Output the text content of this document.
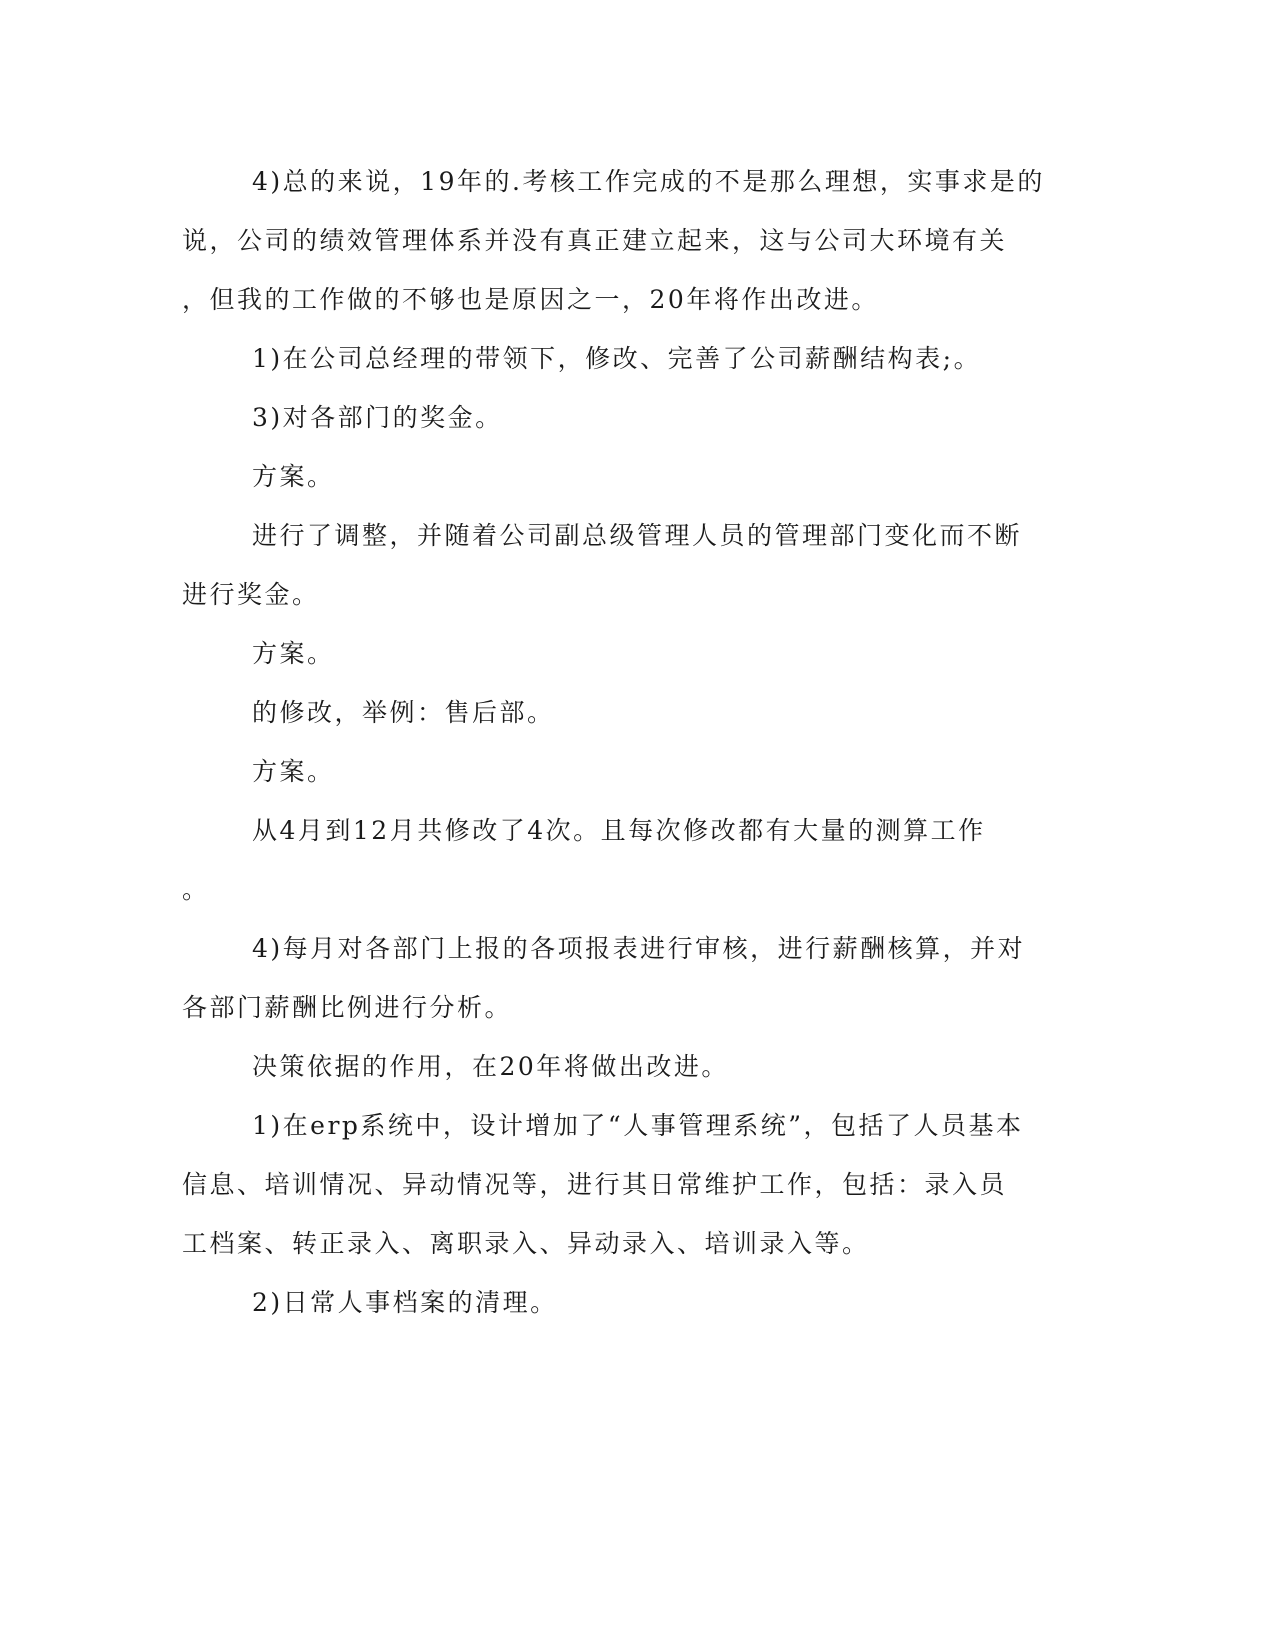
4)总的来说，19年的.考核工作完成的不是那么理想，实事求是的
说，公司的绩效管理体系并没有真正建立起来，这与公司大环境有关
，但我的工作做的不够也是原因之一，20年将作出改进。
1)在公司总经理的带领下，修改、完善了公司薪酬结构表;。
3)对各部门的奖金。
方案。
进行了调整，并随着公司副总级管理人员的管理部门变化而不断
进行奖金。
方案。
的修改，举例：售后部。
方案。
从4月到12月共修改了4次。且每次修改都有大量的测算工作
。
4)每月对各部门上报的各项报表进行审核，进行薪酬核算，并对
各部门薪酬比例进行分析。
决策依据的作用，在20年将做出改进。
1)在erp系统中，设计增加了“人事管理系统”，包括了人员基本
信息、培训情况、异动情况等，进行其日常维护工作，包括：录入员
工档案、转正录入、离职录入、异动录入、培训录入等。
2)日常人事档案的清理。
